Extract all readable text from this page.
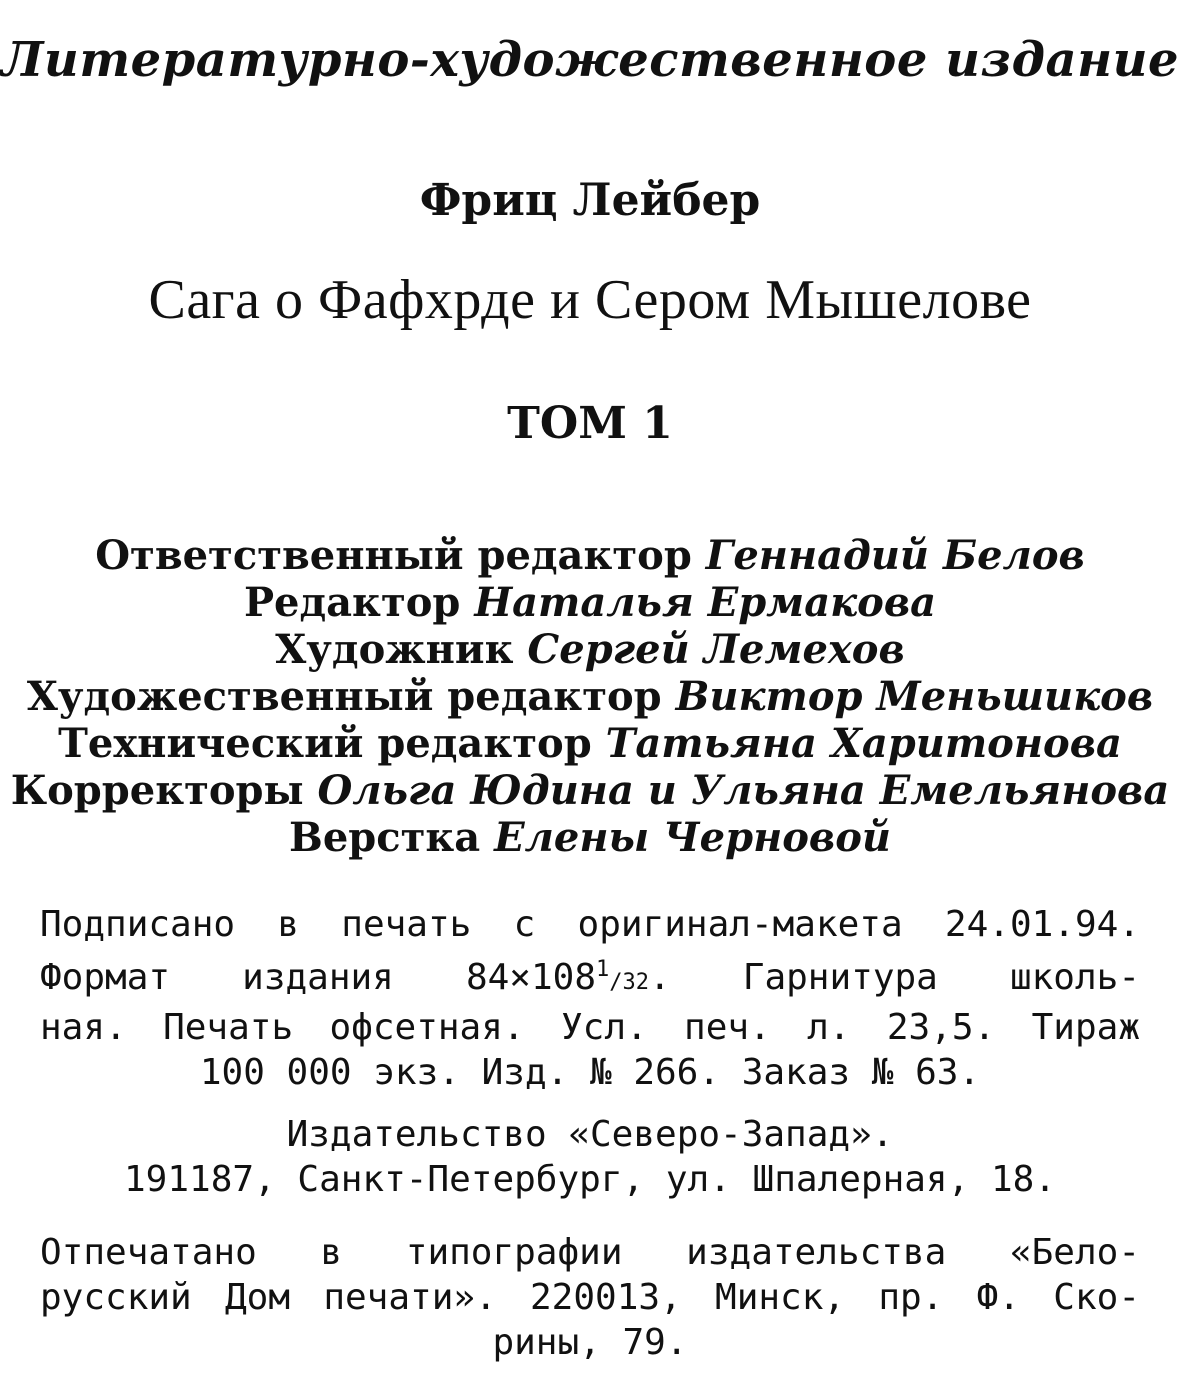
Литературно-художественное издание
Фриц Лейбер
Сага о Фафхрде и Сером Мышелове
ТОМ 1
Ответственный редактор Геннадий Белов
Редактор Наталья Ермакова
Художник Сергей Лемехов
Художественный редактор Виктор Меньшиков
Технический редактор Татьяна Харитонова
Корректоры Ольга Юдина и Ульяна Емельянова
Верстка Елены Черновой
Подписано в печать с оригинал-макета 24.01.94.
Формат издания $84\times 108^1/32$. Гарнитура школь-
ная. Печать офсетная. Усл. печ. л. 23,5. Тираж
100 000 экз. Изд. № 266. Заказ № 63.
Издательство «Северо-Запад».
191187, Санкт-Петербург, ул. Шпалерная, 18.
Отпечатано в типографии издательства «Бело-
русский Дом печати». 220013, Минск, пр. Ф. Ско-
рины, 79.
